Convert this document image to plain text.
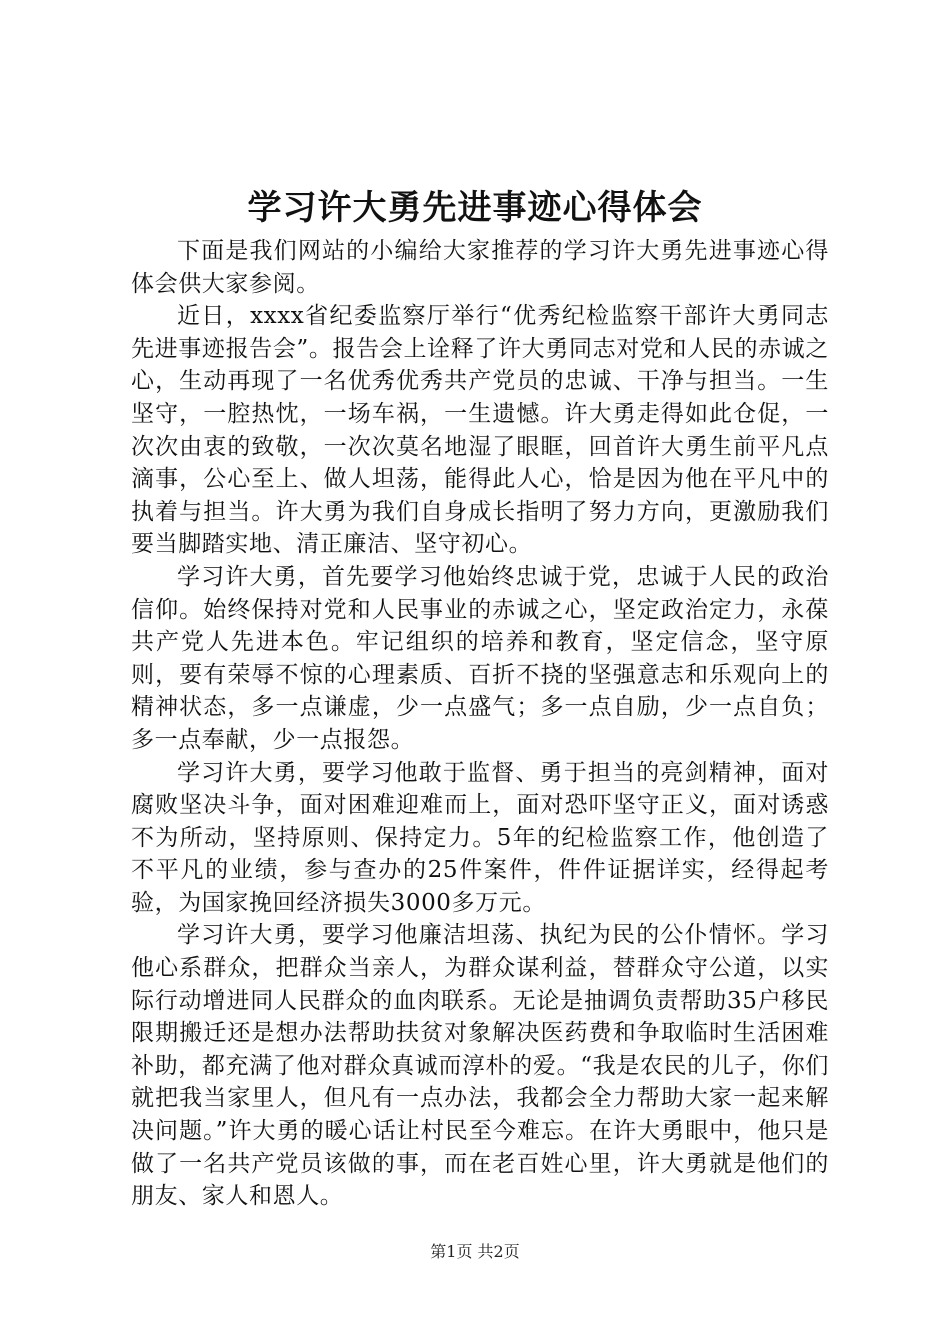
学习许大勇先进事迹心得体会

下面是我们网站的小编给大家推荐的学习许大勇先进事迹心得体会供大家参阅。

近日，xxxx省纪委监察厅举行“优秀纪检监察干部许大勇同志先进事迹报告会”。报告会上诠释了许大勇同志对党和人民的赤诚之心，生动再现了一名优秀优秀共产党员的忠诚、干净与担当。一生坚守，一腔热忱，一场车祸，一生遗憾。许大勇走得如此仓促，一次次由衷的致敬，一次次莫名地湿了眼眶，回首许大勇生前平凡点滴事，公心至上、做人坦荡，能得此人心，恰是因为他在平凡中的执着与担当。许大勇为我们自身成长指明了努力方向，更激励我们要当脚踏实地、清正廉洁、坚守初心。

学习许大勇，首先要学习他始终忠诚于党，忠诚于人民的政治信仰。始终保持对党和人民事业的赤诚之心，坚定政治定力，永葆共产党人先进本色。牢记组织的培养和教育，坚定信念，坚守原则，要有荣辱不惊的心理素质、百折不挠的坚强意志和乐观向上的精神状态，多一点谦虚，少一点盛气；多一点自励，少一点自负；多一点奉献，少一点报怨。

学习许大勇，要学习他敢于监督、勇于担当的亮剑精神，面对腐败坚决斗争，面对困难迎难而上，面对恐吓坚守正义，面对诱惑不为所动，坚持原则、保持定力。5年的纪检监察工作，他创造了不平凡的业绩，参与查办的25件案件，件件证据详实，经得起考验，为国家挽回经济损失3000多万元。

学习许大勇，要学习他廉洁坦荡、执纪为民的公仆情怀。学习他心系群众，把群众当亲人，为群众谋利益，替群众守公道，以实际行动增进同人民群众的血肉联系。无论是抽调负责帮助35户移民限期搬迁还是想办法帮助扶贫对象解决医药费和争取临时生活困难补助，都充满了他对群众真诚而淳朴的爱。“我是农民的儿子，你们就把我当家里人，但凡有一点办法，我都会全力帮助大家一起来解决问题。”许大勇的暖心话让村民至今难忘。在许大勇眼中，他只是做了一名共产党员该做的事，而在老百姓心里，许大勇就是他们的朋友、家人和恩人。

第1页 共2页
